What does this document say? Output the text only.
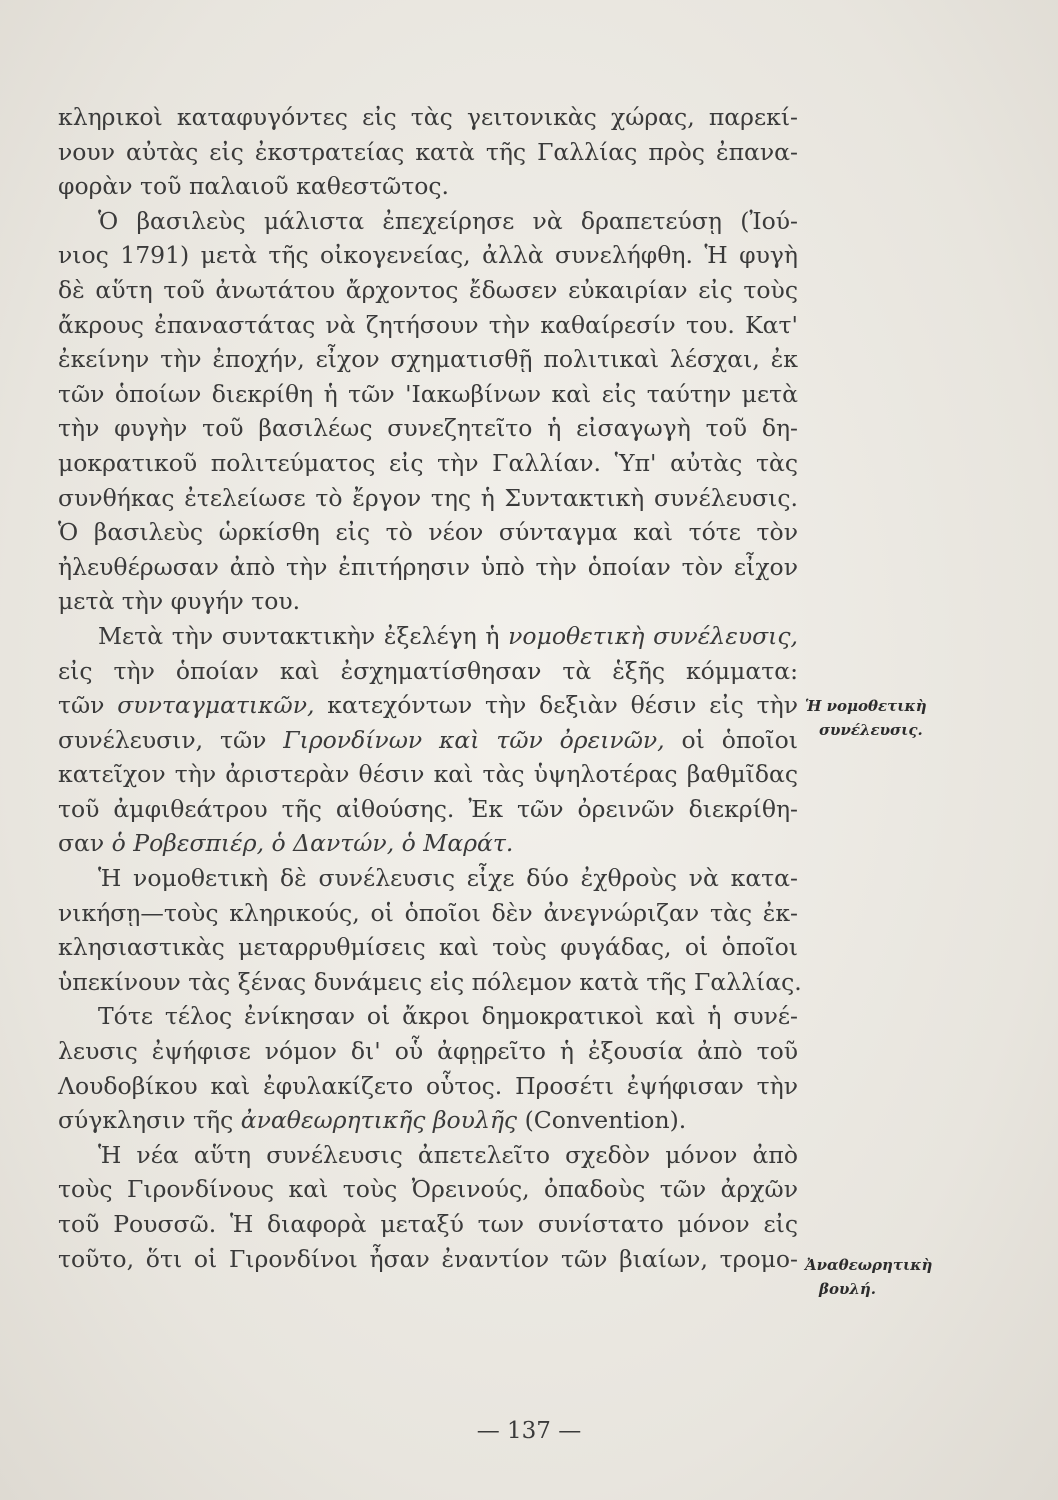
κληρικοὶ καταφυγόντες εἰς τὰς γειτονικὰς χώρας, παρεκί-
νουν αὐτὰς εἰς ἐκστρατείας κατὰ τῆς Γαλλίας πρὸς ἐπανα-
φορὰν τοῦ παλαιοῦ καθεστῶτος.
Ὁ βασιλεὺς μάλιστα ἐπεχείρησε νὰ δραπετεύσῃ (Ἰού-
νιος 1791) μετὰ τῆς οἰκογενείας, ἀλλὰ συνελήφθη. Ἡ φυγὴ
δὲ αὕτη τοῦ ἀνωτάτου ἄρχοντος ἔδωσεν εὐκαιρίαν εἰς τοὺς
ἄκρους ἐπαναστάτας νὰ ζητήσουν τὴν καθαίρεσίν του. Κατ'
ἐκείνην τὴν ἐποχήν, εἶχον σχηματισθῇ πολιτικαὶ λέσχαι, ἐκ
τῶν ὁποίων διεκρίθη ἡ τῶν 'Ιακωβίνων καὶ εἰς ταύτην μετὰ
τὴν φυγὴν τοῦ βασιλέως συνεζητεῖτο ἡ εἰσαγωγὴ τοῦ δη-
μοκρατικοῦ πολιτεύματος εἰς τὴν Γαλλίαν. Ὑπ' αὐτὰς τὰς
συνθήκας ἐτελείωσε τὸ ἔργον της ἡ Συντακτικὴ συνέλευσις.
Ὁ βασιλεὺς ὡρκίσθη εἰς τὸ νέον σύνταγμα καὶ τότε τὸν
ἠλευθέρωσαν ἀπὸ τὴν ἐπιτήρησιν ὑπὸ τὴν ὁποίαν τὸν εἶχον
μετὰ τὴν φυγήν του.
Μετὰ τὴν συντακτικὴν ἐξελέγη ἡ νομοθετικὴ συνέλευσις,
εἰς τὴν ὁποίαν καὶ ἐσχηματίσθησαν τὰ ἑξῆς κόμματα:
τῶν συνταγματικῶν, κατεχόντων τὴν δεξιὰν θέσιν εἰς τὴν
συνέλευσιν, τῶν Γιρονδίνων καὶ τῶν ὀρεινῶν, οἱ ὁποῖοι
κατεῖχον τὴν ἀριστερὰν θέσιν καὶ τὰς ὑψηλοτέρας βαθμῖδας
τοῦ ἀμφιθεάτρου τῆς αἰθούσης. Ἐκ τῶν ὀρεινῶν διεκρίθη-
σαν ὁ Ροβεσπιέρ, ὁ Δαντών, ὁ Μαράτ.
Ἡ νομοθετικὴ δὲ συνέλευσις εἶχε δύο ἐχθροὺς νὰ κατα-
νικήσῃ—τοὺς κληρικούς, οἱ ὁποῖοι δὲν ἀνεγνώριζαν τὰς ἐκ-
κλησιαστικὰς μεταρρυθμίσεις καὶ τοὺς φυγάδας, οἱ ὁποῖοι
ὑπεκίνουν τὰς ξένας δυνάμεις εἰς πόλεμον κατὰ τῆς Γαλλίας.
Τότε τέλος ἐνίκησαν οἱ ἄκροι δημοκρατικοὶ καὶ ἡ συνέ-
λευσις ἐψήφισε νόμον δι' οὗ ἀφῃρεῖτο ἡ ἐξουσία ἀπὸ τοῦ
Λουδοβίκου καὶ ἐφυλακίζετο οὗτος. Προσέτι ἐψήφισαν τὴν
σύγκλησιν τῆς ἀναθεωρητικῆς βουλῆς (Convention).
Ἡ νέα αὕτη συνέλευσις ἀπετελεῖτο σχεδὸν μόνον ἀπὸ
τοὺς Γιρονδίνους καὶ τοὺς Ὀρεινούς, ὀπαδοὺς τῶν ἀρχῶν
τοῦ Ρουσσῶ. Ἡ διαφορὰ μεταξύ των συνίστατο μόνον εἰς
τοῦτο, ὅτι οἱ Γιρονδίνοι ἦσαν ἐναντίον τῶν βιαίων, τρομο-
Ἡ νομοθετικὴ
συνέλευσις.
Ἀναθεωρητικὴ
βουλή.
— 137 —
